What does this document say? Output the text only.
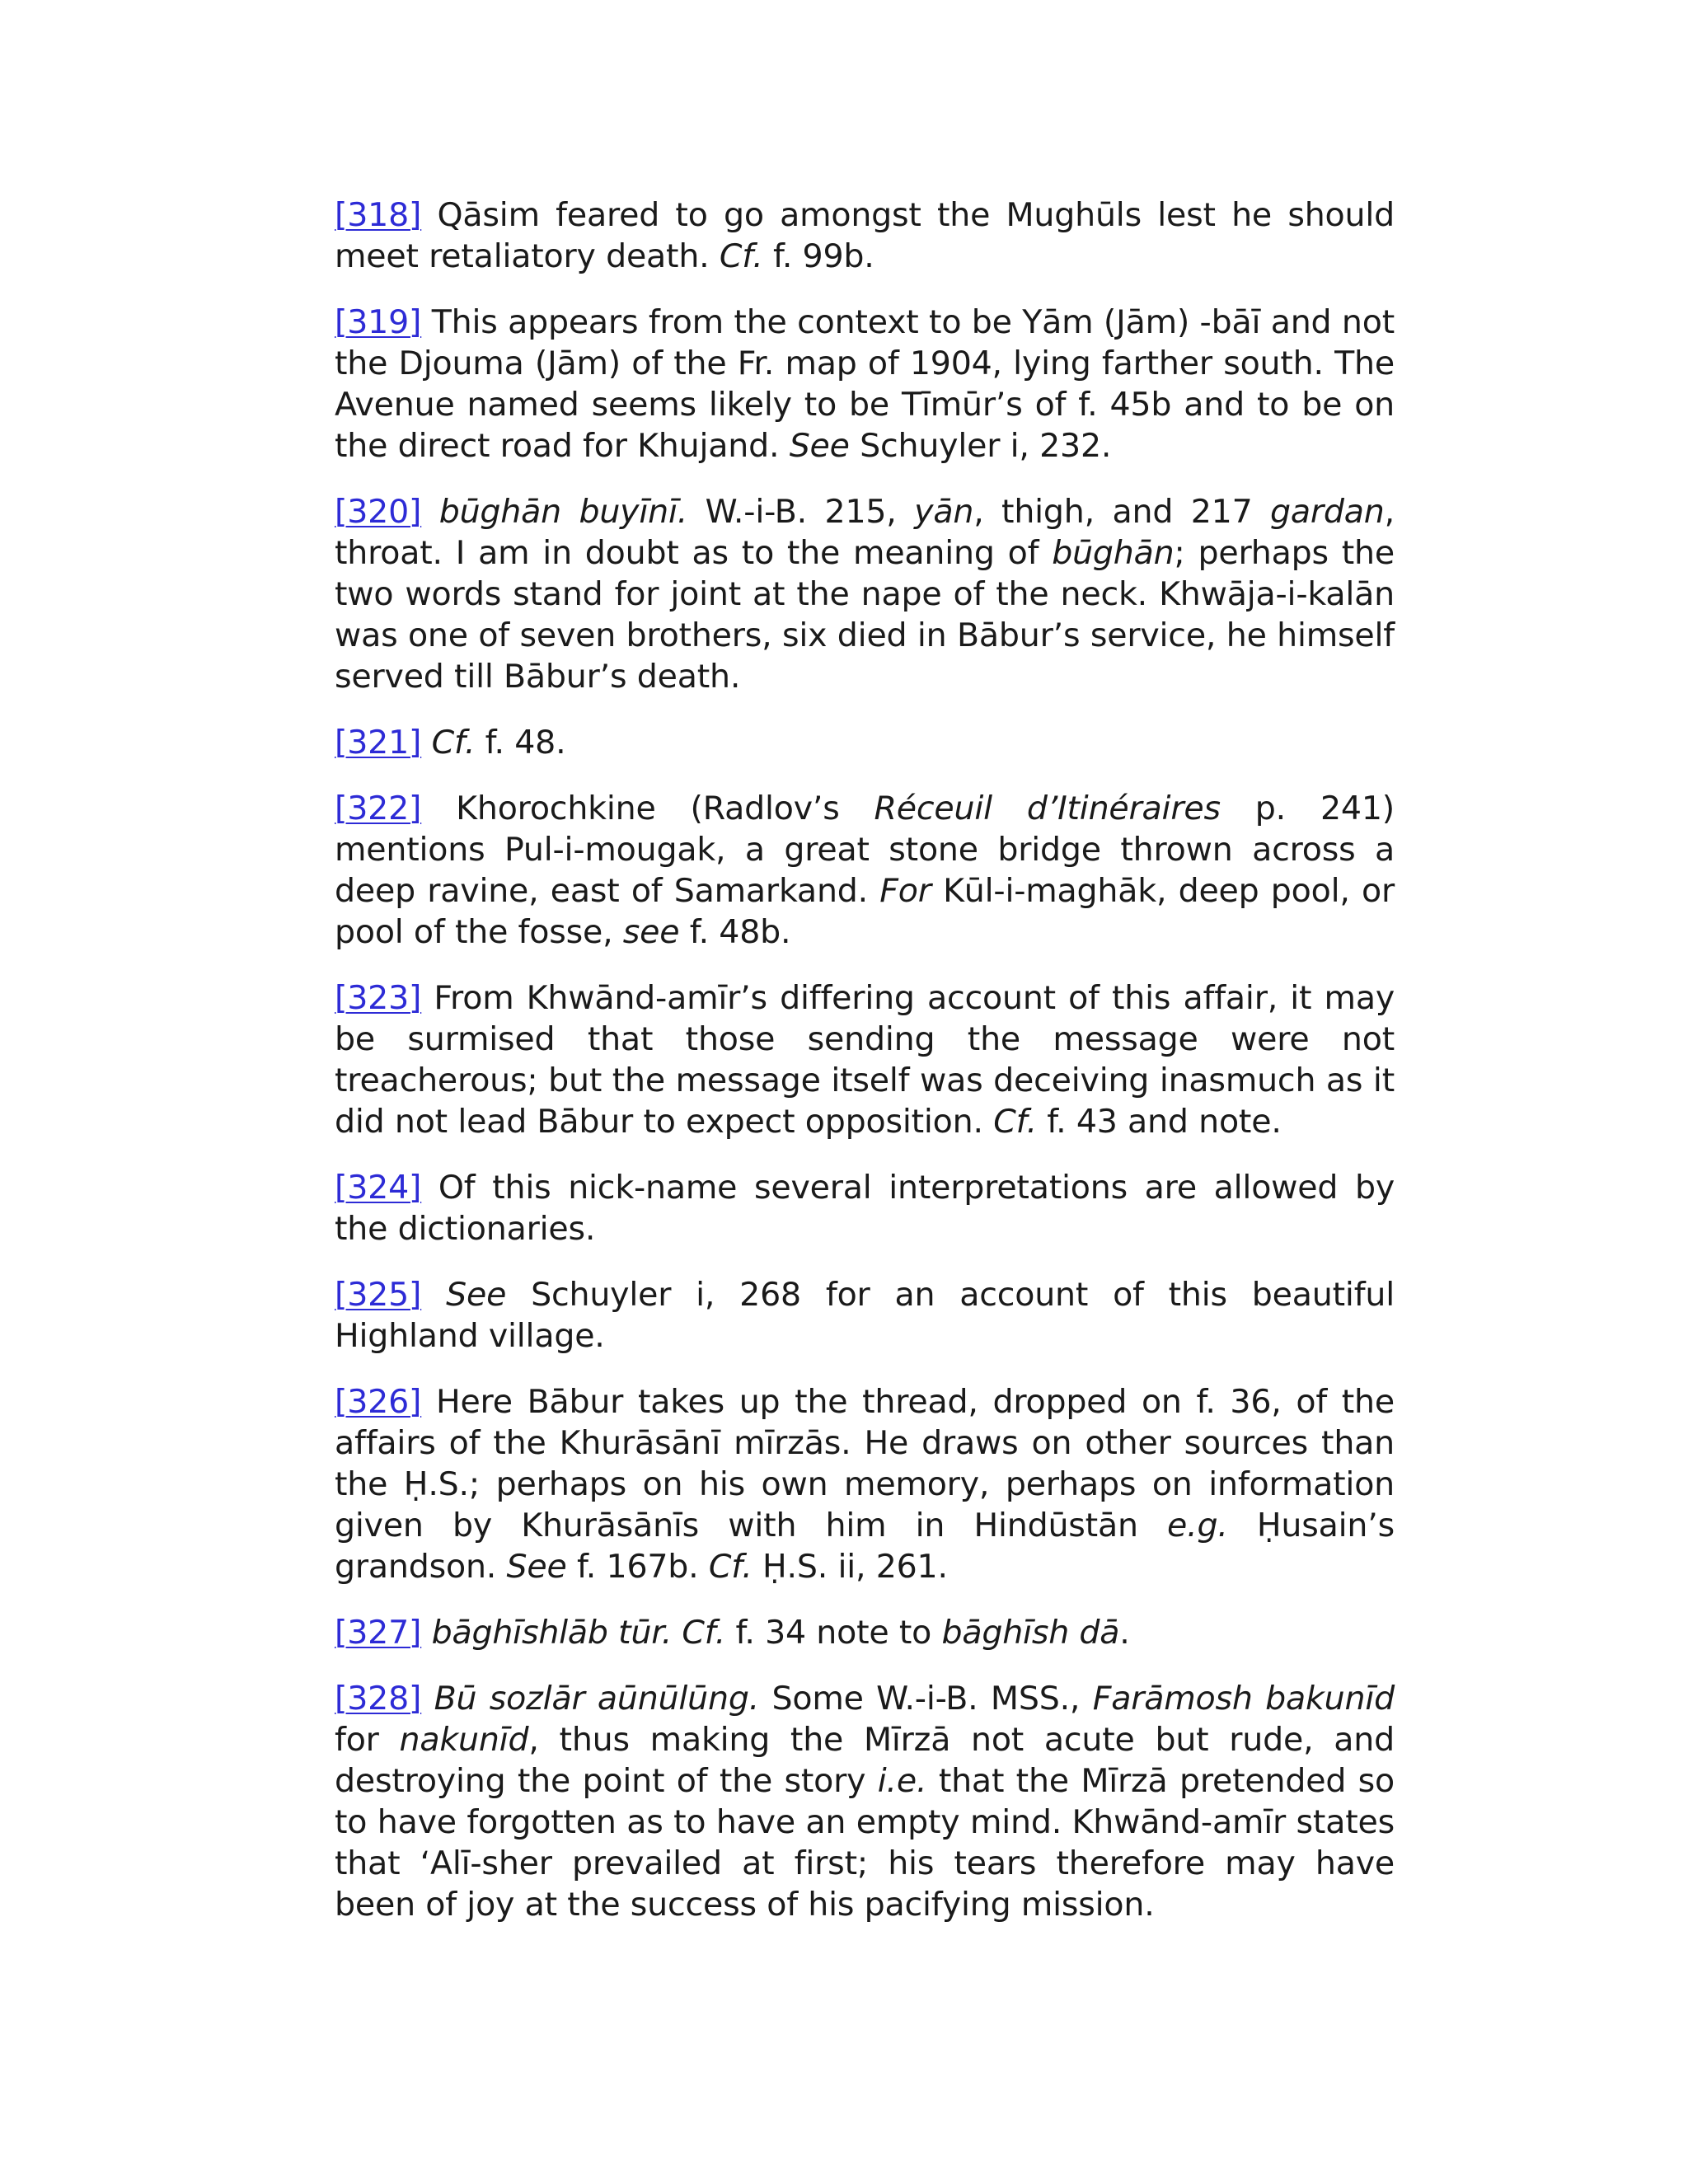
[318] Qāsim feared to go amongst the Mughūls lest he should meet retaliatory death. Cf. f. 99b.

[319] This appears from the context to be Yām (Jām) -bāī and not the Djouma (Jām) of the Fr. map of 1904, lying farther south. The Avenue named seems likely to be Tīmūr’s of f. 45b and to be on the direct road for Khujand. See Schuyler i, 232.

[320] būghān buyīnī. W.-i-B. 215, yān, thigh, and 217 gardan, throat. I am in doubt as to the meaning of būghān; perhaps the two words stand for joint at the nape of the neck. Khwāja-i-kalān was one of seven brothers, six died in Bābur’s service, he himself served till Bābur’s death.

[321] Cf. f. 48.

[322] Khorochkine (Radlov’s Réceuil d’Itinéraires p. 241) mentions Pul-i-mougak, a great stone bridge thrown across a deep ravine, east of Samarkand. For Kūl-i-maghāk, deep pool, or pool of the fosse, see f. 48b.

[323] From Khwānd-amīr’s differing account of this affair, it may be surmised that those sending the message were not treacherous; but the message itself was deceiving inasmuch as it did not lead Bābur to expect opposition. Cf. f. 43 and note.

[324] Of this nick-name several interpretations are allowed by the dictionaries.

[325] See Schuyler i, 268 for an account of this beautiful Highland village.

[326] Here Bābur takes up the thread, dropped on f. 36, of the affairs of the Khurāsānī mīrzās. He draws on other sources than the Ḥ.S.; perhaps on his own memory, perhaps on information given by Khurāsānīs with him in Hindūstān e.g. Ḥusain’s grandson. See f. 167b. Cf. Ḥ.S. ii, 261.

[327] bāghīshlāb tūr. Cf. f. 34 note to bāghīsh dā.

[328] Bū sozlār aūnūlūng. Some W.-i-B. MSS., Farāmosh bakunīd for nakunīd, thus making the Mīrzā not acute but rude, and destroying the point of the story i.e. that the Mīrzā pretended so to have forgotten as to have an empty mind. Khwānd-amīr states that ‘Alī-sher prevailed at first; his tears therefore may have been of joy at the success of his pacifying mission.
